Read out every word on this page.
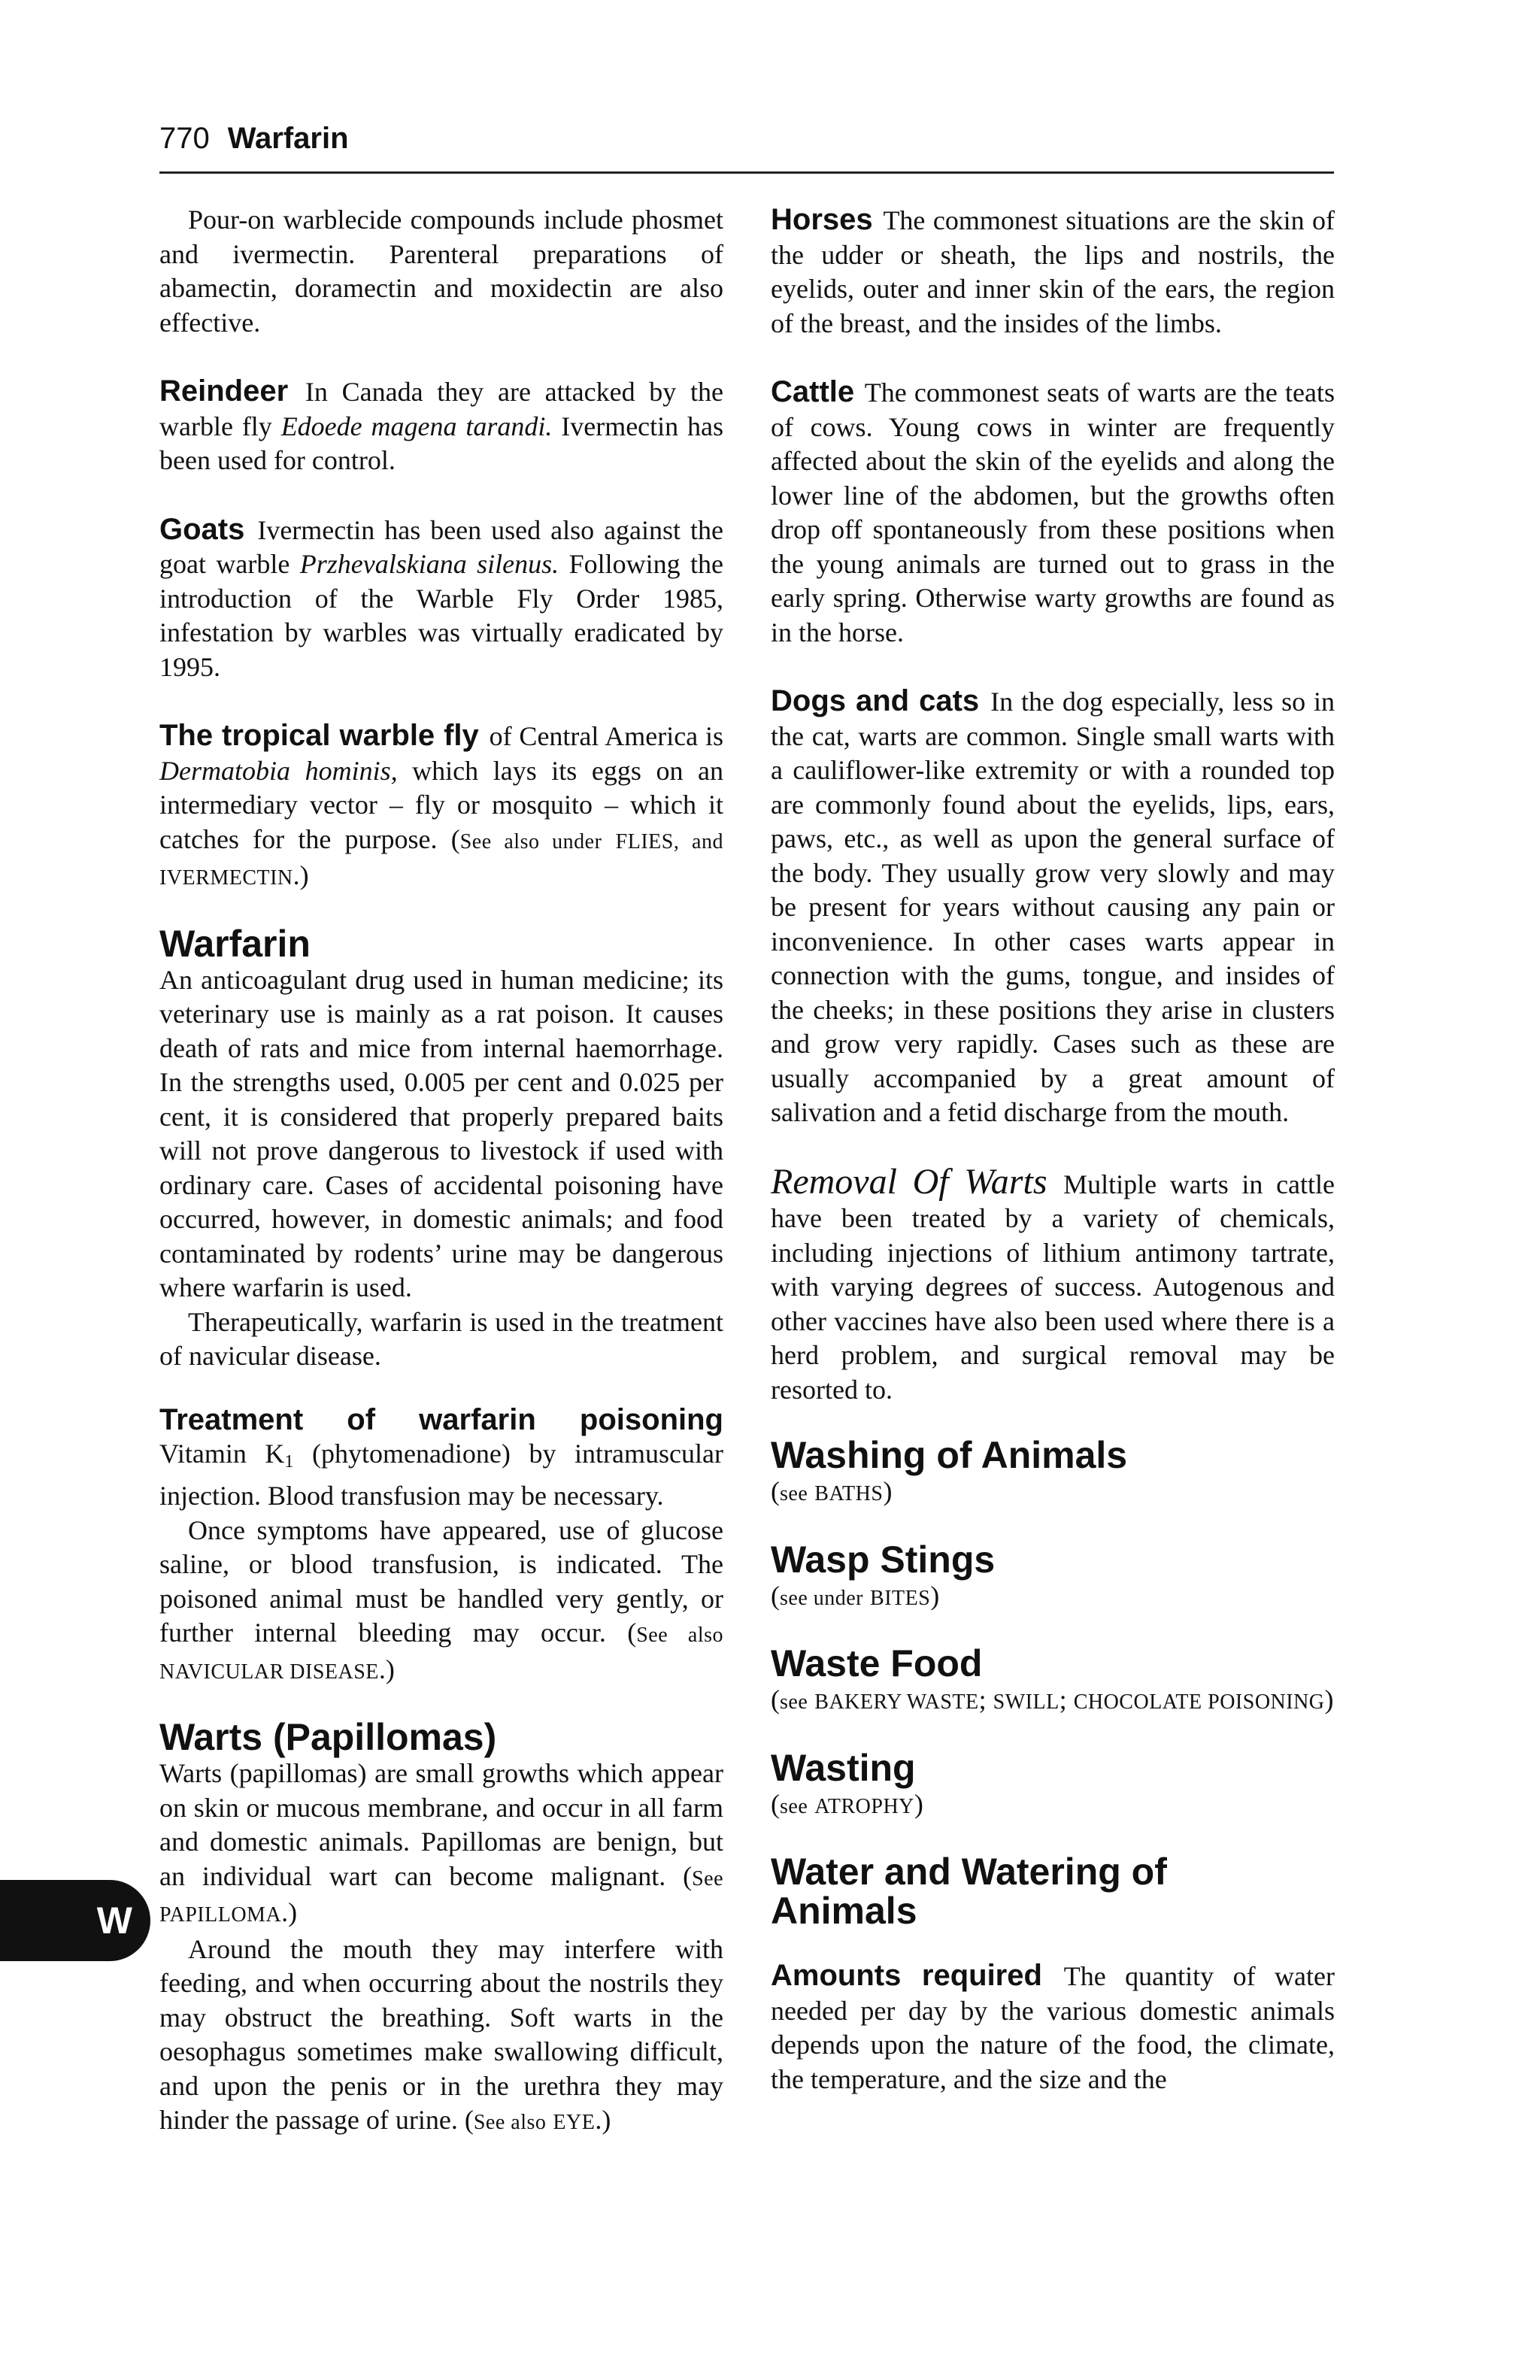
770 Warfarin

Pour-on warblecide compounds include phosmet and ivermectin. Parenteral preparations of abamectin, doramectin and moxidectin are also effective.

Reindeer In Canada they are attacked by the warble fly Edoede magena tarandi. Ivermectin has been used for control.

Goats Ivermectin has been used also against the goat warble Przhevalskiana silenus. Following the introduction of the Warble Fly Order 1985, infestation by warbles was virtually eradicated by 1995.

The tropical warble fly of Central America is Dermatobia hominis, which lays its eggs on an intermediary vector – fly or mosquito – which it catches for the purpose. (See also under FLIES, and IVERMECTIN.)

Warfarin

An anticoagulant drug used in human medicine; its veterinary use is mainly as a rat poison. It causes death of rats and mice from internal haemorrhage. In the strengths used, 0.005 per cent and 0.025 per cent, it is considered that properly prepared baits will not prove dangerous to livestock if used with ordinary care. Cases of accidental poisoning have occurred, however, in domestic animals; and food contaminated by rodents’ urine may be dangerous where warfarin is used.

Therapeutically, warfarin is used in the treatment of navicular disease.

Treatment of warfarin poisoning

Vitamin $K_1$ (phytomenadione) by intramuscular injection. Blood transfusion may be necessary.

Once symptoms have appeared, use of glucose saline, or blood transfusion, is indicated. The poisoned animal must be handled very gently, or further internal bleeding may occur. (See also NAVICULAR DISEASE.)

Warts (Papillomas)

Warts (papillomas) are small growths which appear on skin or mucous membrane, and occur in all farm and domestic animals. Papillomas are benign, but an individual wart can become malignant. (See PAPILLOMA.)

Around the mouth they may interfere with feeding, and when occurring about the nostrils they may obstruct the breathing. Soft warts in the oesophagus sometimes make swallowing difficult, and upon the penis or in the urethra they may hinder the passage of urine. (See also EYE.)

Horses The commonest situations are the skin of the udder or sheath, the lips and nostrils, the eyelids, outer and inner skin of the ears, the region of the breast, and the insides of the limbs.

Cattle The commonest seats of warts are the teats of cows. Young cows in winter are frequently affected about the skin of the eyelids and along the lower line of the abdomen, but the growths often drop off spontaneously from these positions when the young animals are turned out to grass in the early spring. Otherwise warty growths are found as in the horse.

Dogs and cats In the dog especially, less so in the cat, warts are common. Single small warts with a cauliflower-like extremity or with a rounded top are commonly found about the eyelids, lips, ears, paws, etc., as well as upon the general surface of the body. They usually grow very slowly and may be present for years without causing any pain or inconvenience. In other cases warts appear in connection with the gums, tongue, and insides of the cheeks; in these positions they arise in clusters and grow very rapidly. Cases such as these are usually accompanied by a great amount of salivation and a fetid discharge from the mouth.

Removal Of Warts Multiple warts in cattle have been treated by a variety of chemicals, including injections of lithium antimony tartrate, with varying degrees of success. Autogenous and other vaccines have also been used where there is a herd problem, and surgical removal may be resorted to.

Washing of Animals

(see BATHS)

Wasp Stings

(see under BITES)

Waste Food

(see BAKERY WASTE; SWILL; CHOCOLATE POISONING)

Wasting

(see ATROPHY)

Water and Watering of Animals

Amounts required The quantity of water needed per day by the various domestic animals depends upon the nature of the food, the climate, the temperature, and the size and the

W
